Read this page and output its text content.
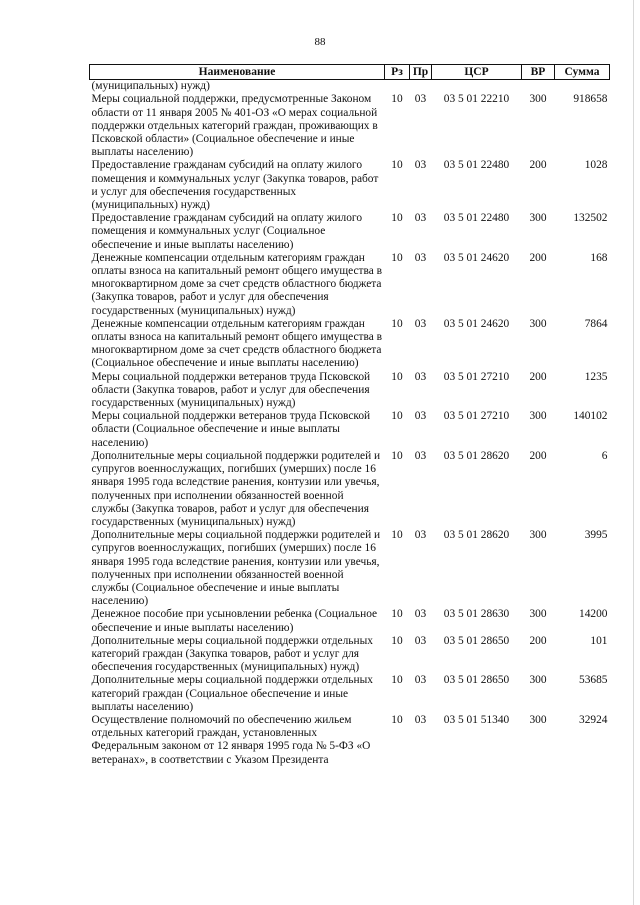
88
Наименование	Рз	Пр	ЦСР	ВР	Сумма
(муниципальных) нужд)					
Меры социальной поддержки, предусмотренные Законом области от 11 января 2005 № 401-ОЗ «О мерах социальной поддержки отдельных категорий граждан, проживающих в Псковской области» (Социальное обеспечение и иные выплаты населению)	10	03	03 5 01 22210	300	918658
Предоставление гражданам субсидий на оплату жилого помещения и коммунальных услуг (Закупка товаров, работ и услуг для обеспечения государственных (муниципальных) нужд)	10	03	03 5 01 22480	200	1028
Предоставление гражданам субсидий на оплату жилого помещения и коммунальных услуг (Социальное обеспечение и иные выплаты населению)	10	03	03 5 01 22480	300	132502
Денежные компенсации отдельным категориям граждан оплаты взноса на капитальный ремонт общего имущества в многоквартирном доме за счет средств областного бюджета (Закупка товаров, работ и услуг для обеспечения государственных (муниципальных) нужд)	10	03	03 5 01 24620	200	168
Денежные компенсации отдельным категориям граждан оплаты взноса на капитальный ремонт общего имущества в многоквартирном доме за счет средств областного бюджета (Социальное обеспечение и иные выплаты населению)	10	03	03 5 01 24620	300	7864
Меры социальной поддержки ветеранов труда Псковской области (Закупка товаров, работ и услуг для обеспечения государственных (муниципальных) нужд)	10	03	03 5 01 27210	200	1235
Меры социальной поддержки ветеранов труда Псковской области (Социальное обеспечение и иные выплаты населению)	10	03	03 5 01 27210	300	140102
Дополнительные меры социальной поддержки родителей и супругов военнослужащих, погибших (умерших) после 16 января 1995 года вследствие ранения, контузии или увечья, полученных при исполнении обязанностей военной службы (Закупка товаров, работ и услуг для обеспечения государственных (муниципальных) нужд)	10	03	03 5 01 28620	200	6
Дополнительные меры социальной поддержки родителей и супругов военнослужащих, погибших (умерших) после 16 января 1995 года вследствие ранения, контузии или увечья, полученных при исполнении обязанностей военной службы (Социальное обеспечение и иные выплаты населению)	10	03	03 5 01 28620	300	3995
Денежное пособие при усыновлении ребенка (Социальное обеспечение и иные выплаты населению)	10	03	03 5 01 28630	300	14200
Дополнительные меры социальной поддержки отдельных категорий граждан (Закупка товаров, работ и услуг для обеспечения государственных (муниципальных) нужд)	10	03	03 5 01 28650	200	101
Дополнительные меры социальной поддержки отдельных категорий граждан (Социальное обеспечение и иные выплаты населению)	10	03	03 5 01 28650	300	53685
Осуществление полномочий по обеспечению жильем отдельных категорий граждан, установленных Федеральным законом от 12 января 1995 года № 5-ФЗ «О ветеранах», в соответствии с Указом Президента	10	03	03 5 01 51340	300	32924
